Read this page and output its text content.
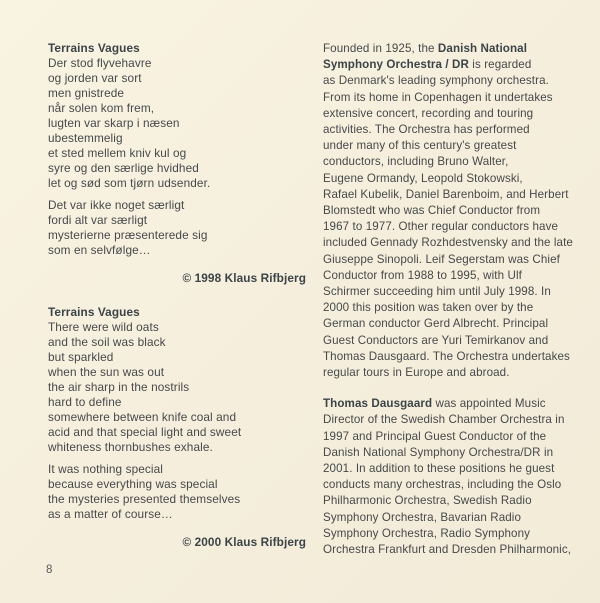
Terrains Vagues
Der stod flyvehavre
og jorden var sort
men gnistrede
når solen kom frem,
lugten var skarp i næsen
ubestemmelig
et sted mellem kniv kul og
syre og den særlige hvidhed
let og sød som tjørn udsender.
Det var ikke noget særligt
fordi alt var særligt
mysterierne præsenterede sig
som en selvfølge…
© 1998 Klaus Rifbjerg
Terrains Vagues
There were wild oats
and the soil was black
but sparkled
when the sun was out
the air sharp in the nostrils
hard to define
somewhere between knife coal and
acid and that special light and sweet
whiteness thornbushes exhale.
It was nothing special
because everything was special
the mysteries presented themselves
as a matter of course…
© 2000 Klaus Rifbjerg
Founded in 1925, the Danish National
Symphony Orchestra / DR is regarded
as Denmark's leading symphony orchestra.
From its home in Copenhagen it undertakes
extensive concert, recording and touring
activities. The Orchestra has performed
under many of this century's greatest
conductors, including Bruno Walter,
Eugene Ormandy, Leopold Stokowski,
Rafael Kubelik, Daniel Barenboim, and Herbert
Blomstedt who was Chief Conductor from
1967 to 1977. Other regular conductors have
included Gennady Rozhdestvensky and the late
Giuseppe Sinopoli. Leif Segerstam was Chief
Conductor from 1988 to 1995, with Ulf
Schirmer succeeding him until July 1998. In
2000 this position was taken over by the
German conductor Gerd Albrecht. Principal
Guest Conductors are Yuri Temirkanov and
Thomas Dausgaard. The Orchestra undertakes
regular tours in Europe and abroad.
Thomas Dausgaard was appointed Music
Director of the Swedish Chamber Orchestra in
1997 and Principal Guest Conductor of the
Danish National Symphony Orchestra/DR in
2001. In addition to these positions he guest
conducts many orchestras, including the Oslo
Philharmonic Orchestra, Swedish Radio
Symphony Orchestra, Bavarian Radio
Symphony Orchestra, Radio Symphony
Orchestra Frankfurt and Dresden Philharmonic,
8
